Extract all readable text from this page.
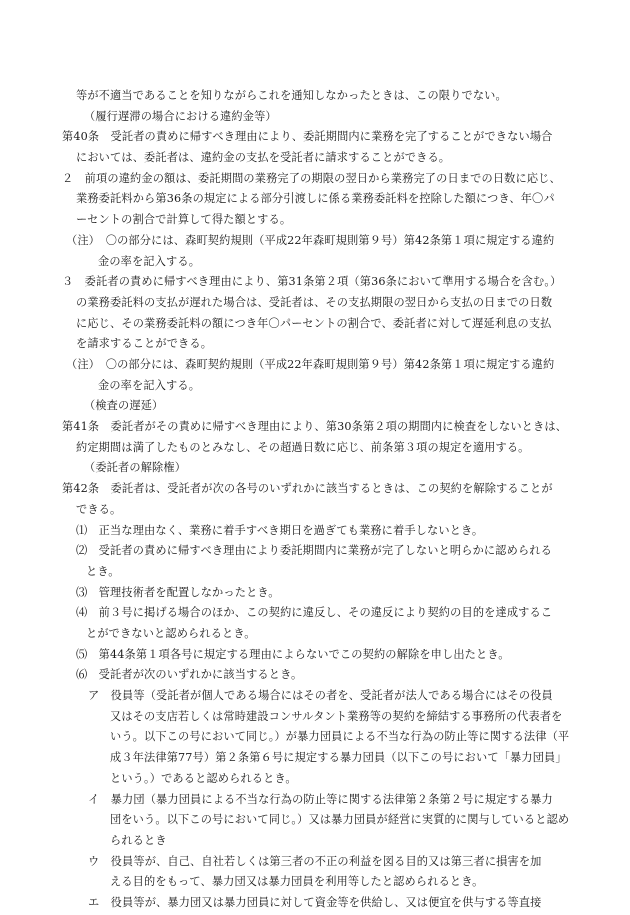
等が不適当であることを知りながらこれを通知しなかったときは、この限りでない。
（履行遅滞の場合における違約金等）
第40条　受託者の責めに帰すべき理由により、委託期間内に業務を完了することができない場合
においては、委託者は、違約金の支払を受託者に請求することができる。
２　前項の違約金の額は、委託期間の業務完了の期限の翌日から業務完了の日までの日数に応じ、
業務委託料から第36条の規定による部分引渡しに係る業務委託料を控除した額につき、年〇パ
ーセントの割合で計算して得た額とする。
（注）　〇の部分には、森町契約規則（平成22年森町規則第９号）第42条第１項に規定する違約
金の率を記入する。
３　委託者の責めに帰すべき理由により、第31条第２項（第36条において準用する場合を含む。）
の業務委託料の支払が遅れた場合は、受託者は、その支払期限の翌日から支払の日までの日数
に応じ、その業務委託料の額につき年〇パーセントの割合で、委託者に対して遅延利息の支払
を請求することができる。
（注）　〇の部分には、森町契約規則（平成22年森町規則第９号）第42条第１項に規定する違約
金の率を記入する。
（検査の遅延）
第41条　委託者がその責めに帰すべき理由により、第30条第２項の期間内に検査をしないときは、
約定期間は満了したものとみなし、その超過日数に応じ、前条第３項の規定を適用する。
（委託者の解除権）
第42条　委託者は、受託者が次の各号のいずれかに該当するときは、この契約を解除することが
できる。
⑴　正当な理由なく、業務に着手すべき期日を過ぎても業務に着手しないとき。
⑵　受託者の責めに帰すべき理由により委託期間内に業務が完了しないと明らかに認められる
とき。
⑶　管理技術者を配置しなかったとき。
⑷　前３号に掲げる場合のほか、この契約に違反し、その違反により契約の目的を達成するこ
とができないと認められるとき。
⑸　第44条第１項各号に規定する理由によらないでこの契約の解除を申し出たとき。
⑹　受託者が次のいずれかに該当するとき。
ア　役員等（受託者が個人である場合にはその者を、受託者が法人である場合にはその役員
又はその支店若しくは常時建設コンサルタント業務等の契約を締結する事務所の代表者を
いう。以下この号において同じ。）が暴力団員による不当な行為の防止等に関する法律（平
成３年法律第77号）第２条第６号に規定する暴力団員（以下この号において「暴力団員」
という。）であると認められるとき。
イ　暴力団（暴力団員による不当な行為の防止等に関する法律第２条第２号に規定する暴力
団をいう。以下この号において同じ。）又は暴力団員が経営に実質的に関与していると認め
られるとき
ウ　役員等が、自己、自社若しくは第三者の不正の利益を図る目的又は第三者に損害を加
える目的をもって、暴力団又は暴力団員を利用等したと認められるとき。
エ　役員等が、暴力団又は暴力団員に対して資金等を供給し、又は便宜を供与する等直接
